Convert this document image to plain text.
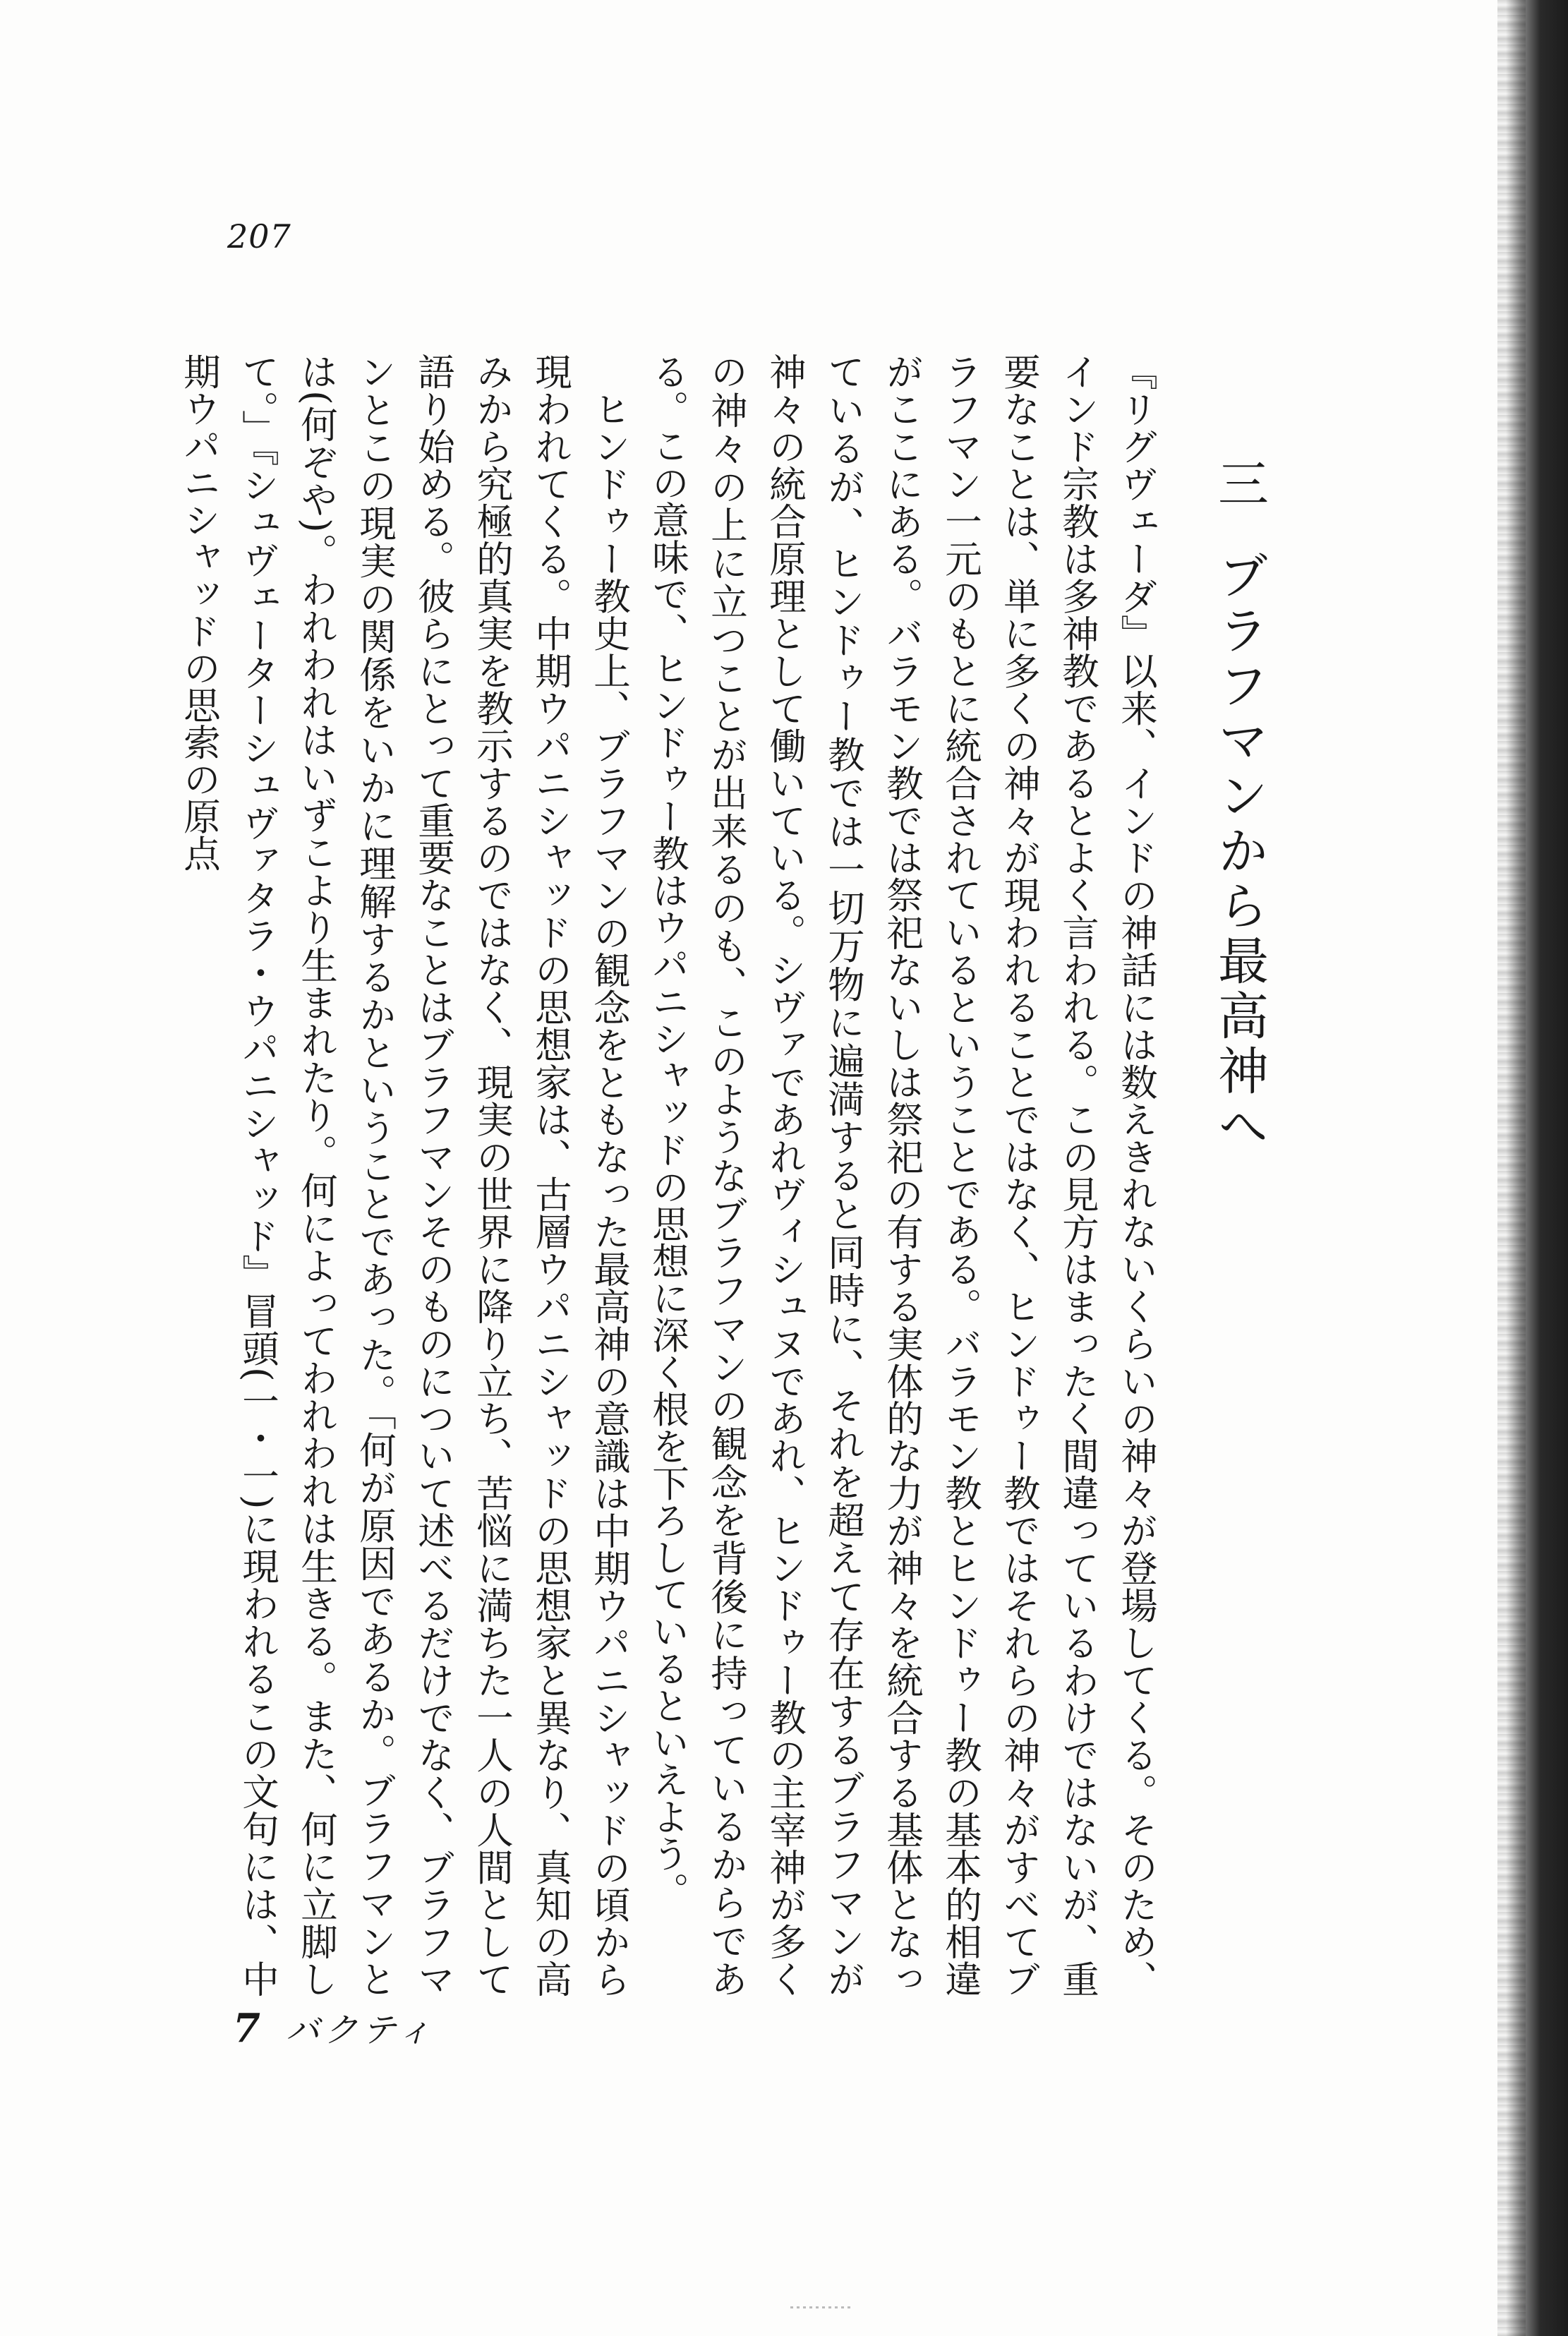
207
三ブラフマンから最高神へ

『リグヴェーダ』以来、インドの神話には数えきれないくらいの神々が登場してくる。そのため、インド宗教は多神教であるとよく言われる。この見方はまったく間違っているわけではないが、重要なことは、単に多くの神々が現われることではなく、ヒンドゥー教ではそれらの神々がすべてブラフマン一元のもとに統合されているということである。バラモン教とヒンドゥー教の基本的相違がここにある。バラモン教では祭祀ないしは祭祀の有する実体的な力が神々を統合する基体となっているが、ヒンドゥー教では一切万物に遍満すると同時に、それを超えて存在するブラフマンが神々の統合原理として働いている。シヴァであれヴィシュヌであれ、ヒンドゥー教の主宰神が多くの神々の上に立つことが出来るのも、このようなブラフマンの観念を背後に持っているからである。この意味で、ヒンドゥー教はウパニシャッドの思想に深く根を下ろしているといえよう。

ヒンドゥー教史上、ブラフマンの観念をともなった最高神の意識は中期ウパニシャッドの頃から現われてくる。中期ウパニシャッドの思想家は、古層ウパニシャッドの思想家と異なり、真知の高みから究極的真実を教示するのではなく、現実の世界に降り立ち、苦悩に満ちた一人の人間として語り始める。彼らにとって重要なことはブラフマンそのものについて述べるだけでなく、ブラフマンとこの現実の関係をいかに理解するかということであった。「何が原因であるか。ブラフマンとは(何ぞや)。われわれはいずこより生まれたり。何によってわれわれは生きる。また、何に立脚して。」『シュヴェーターシュヴァタラ・ウパニシャッド』冒頭(一・一)に現われるこの文句には、中期ウパニシャッドの思索の原点

7 バクティ
